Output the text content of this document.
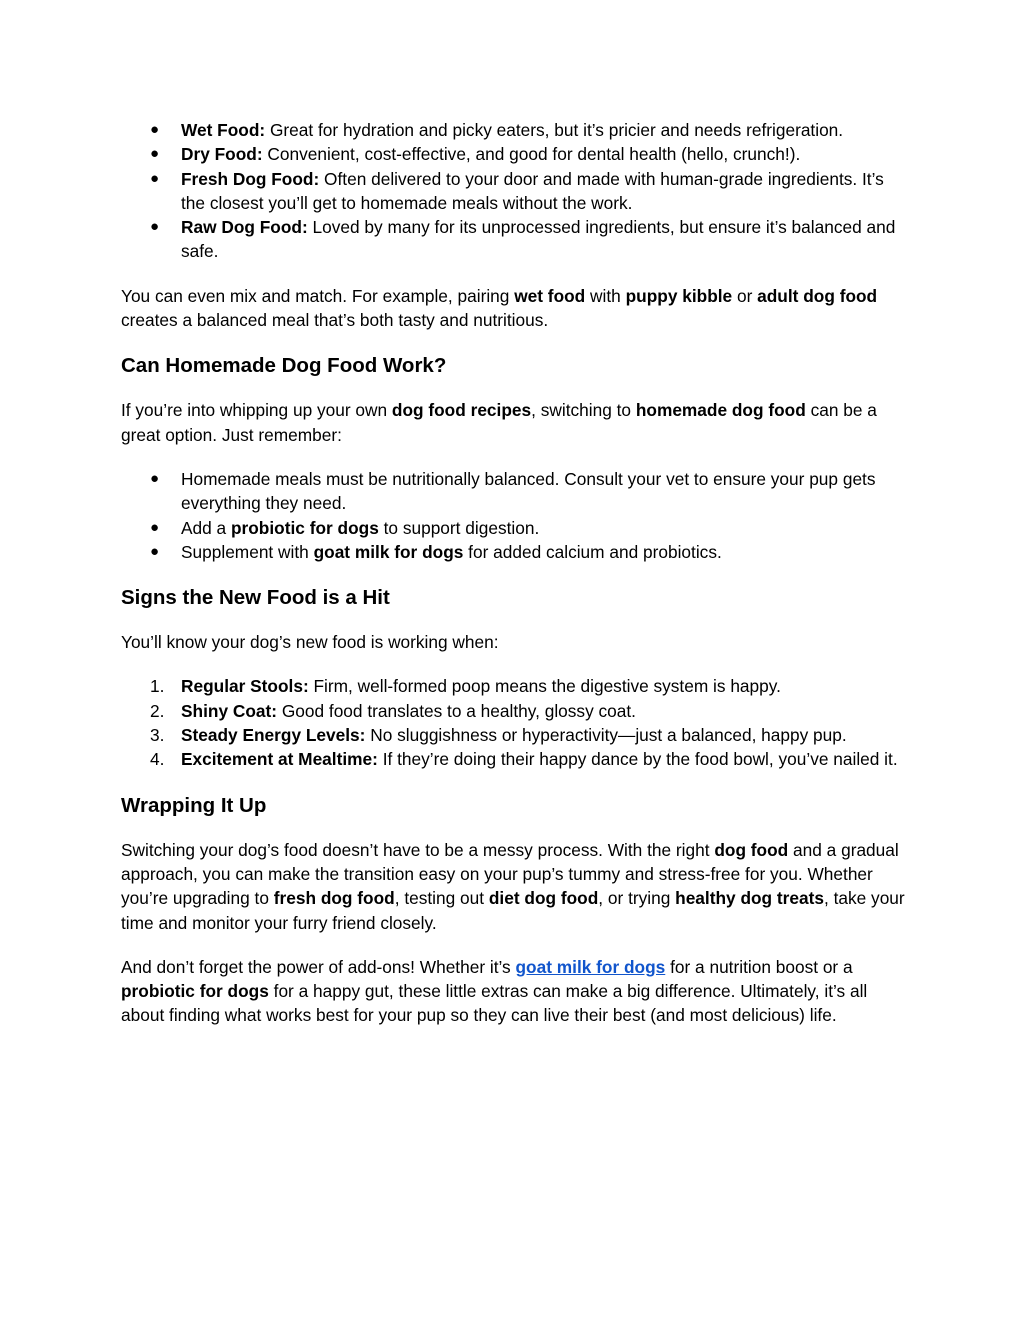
● Wet Food: Great for hydration and picky eaters, but it’s pricier and needs refrigeration.
● Dry Food: Convenient, cost-effective, and good for dental health (hello, crunch!).
● Fresh Dog Food: Often delivered to your door and made with human-grade ingredients. It’s the closest you’ll get to homemade meals without the work.
● Raw Dog Food: Loved by many for its unprocessed ingredients, but ensure it’s balanced and safe.

You can even mix and match. For example, pairing wet food with puppy kibble or adult dog food creates a balanced meal that’s both tasty and nutritious.

Can Homemade Dog Food Work?

If you’re into whipping up your own dog food recipes, switching to homemade dog food can be a great option. Just remember:

● Homemade meals must be nutritionally balanced. Consult your vet to ensure your pup gets everything they need.
● Add a probiotic for dogs to support digestion.
● Supplement with goat milk for dogs for added calcium and probiotics.
Signs the New Food is a Hit

You’ll know your dog’s new food is working when:

1. Regular Stools: Firm, well-formed poop means the digestive system is happy.
2. Shiny Coat: Good food translates to a healthy, glossy coat.
3. Steady Energy Levels: No sluggishness or hyperactivity—just a balanced, happy pup.
4. Excitement at Mealtime: If they’re doing their happy dance by the food bowl, you’ve nailed it.
Wrapping It Up

Switching your dog’s food doesn’t have to be a messy process. With the right dog food and a gradual approach, you can make the transition easy on your pup’s tummy and stress-free for you. Whether you’re upgrading to fresh dog food, testing out diet dog food, or trying healthy dog treats, take your time and monitor your furry friend closely.

And don’t forget the power of add-ons! Whether it’s goat milk for dogs for a nutrition boost or a probiotic for dogs for a happy gut, these little extras can make a big difference. Ultimately, it’s all about finding what works best for your pup so they can live their best (and most delicious) life.
